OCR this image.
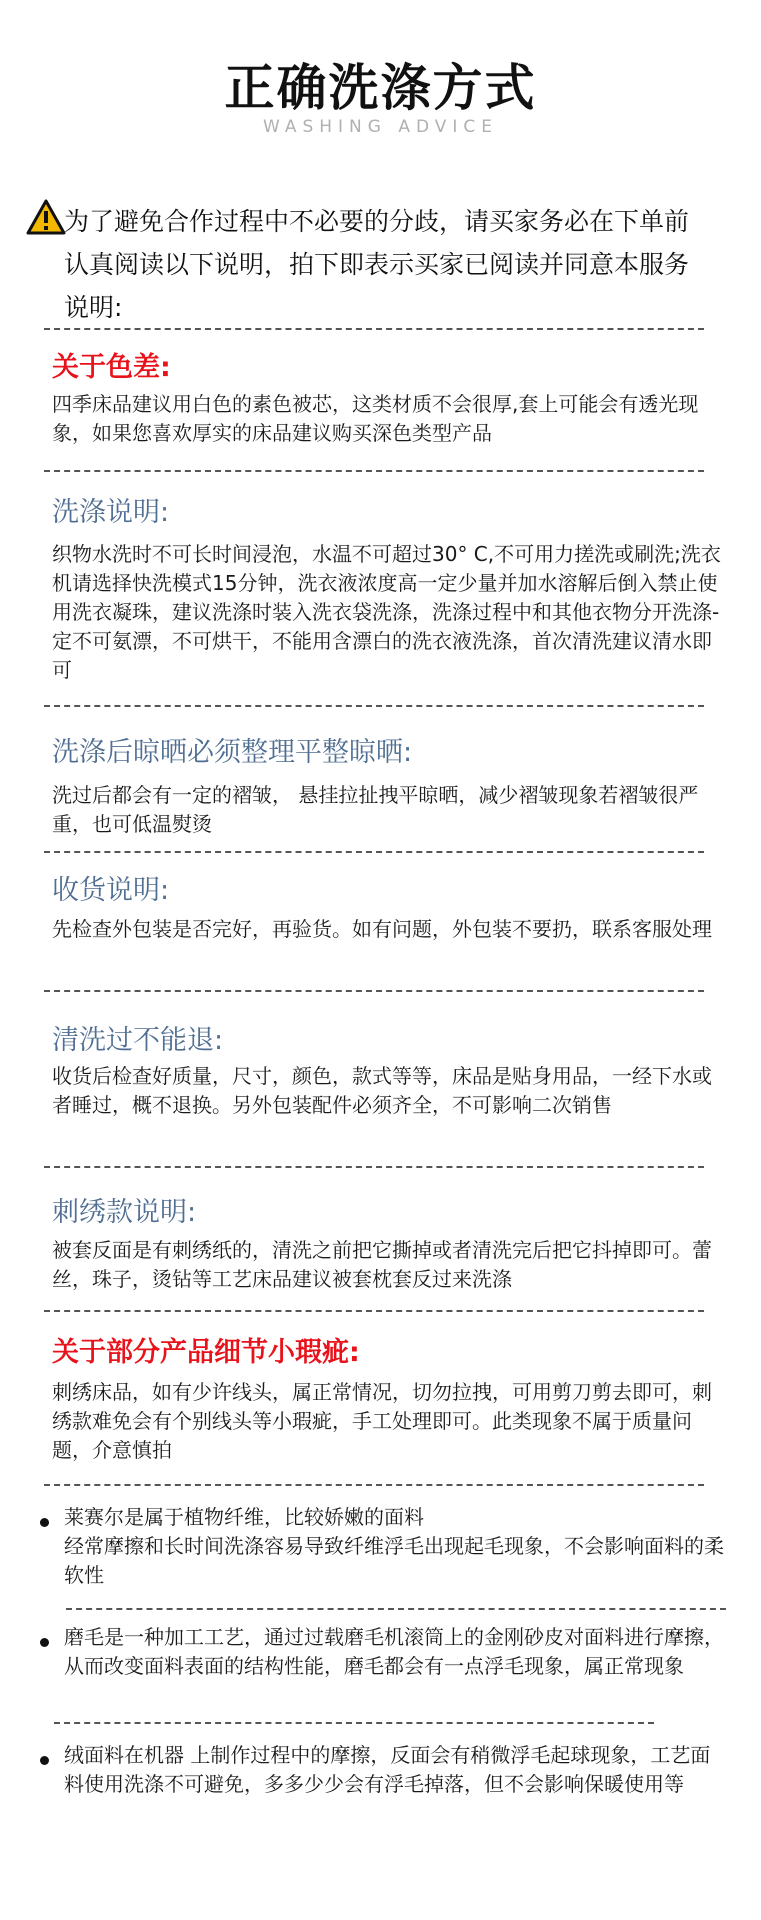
正确洗涤方式
WASHING ADVICE
为了避免合作过程中不必要的分歧，请买家务必在下单前认真阅读以下说明，拍下即表示买家已阅读并同意本服务说明:
关于色差:
四季床品建议用白色的素色被芯，这类材质不会很厚,套上可能会有透光现象，如果您喜欢厚实的床品建议购买深色类型产品
洗涤说明:
织物水洗时不可长时间浸泡，水温不可超过30° C,不可用力搓洗或刷洗;洗衣机请选择快洗模式15分钟，洗衣液浓度高一定少量并加水溶解后倒入禁止使用洗衣凝珠，建议洗涤时装入洗衣袋洗涤，洗涤过程中和其他衣物分开洗涤-定不可氨漂，不可烘干，不能用含漂白的洗衣液洗涤，首次清洗建议清水即可
洗涤后晾晒必须整理平整晾晒:
洗过后都会有一定的褶皱， 悬挂拉扯拽平晾晒，减少褶皱现象若褶皱很严重，也可低温熨烫
收货说明:
先检查外包装是否完好，再验货。如有问题，外包装不要扔，联系客服处理
清洗过不能退:
收货后检查好质量，尺寸，颜色，款式等等，床品是贴身用品，一经下水或者睡过，概不退换。另外包装配件必须齐全，不可影响二次销售
刺绣款说明:
被套反面是有刺绣纸的，清洗之前把它撕掉或者清洗完后把它抖掉即可。蕾丝，珠子，烫钻等工艺床品建议被套枕套反过来洗涤
关于部分产品细节小瑕疵:
刺绣床品，如有少许线头，属正常情况，切勿拉拽，可用剪刀剪去即可，刺绣款难免会有个别线头等小瑕疵，手工处理即可。此类现象不属于质量问题，介意慎拍
莱赛尔是属于植物纤维，比较娇嫩的面料
经常摩擦和长时间洗涤容易导致纤维浮毛出现起毛现象，不会影响面料的柔软性
磨毛是一种加工工艺，通过过载磨毛机滚筒上的金刚砂皮对面料进行摩擦，从而改变面料表面的结构性能，磨毛都会有一点浮毛现象，属正常现象
绒面料在机器 上制作过程中的摩擦，反面会有稍微浮毛起球现象，工艺面料使用洗涤不可避免，多多少少会有浮毛掉落，但不会影响保暖使用等
